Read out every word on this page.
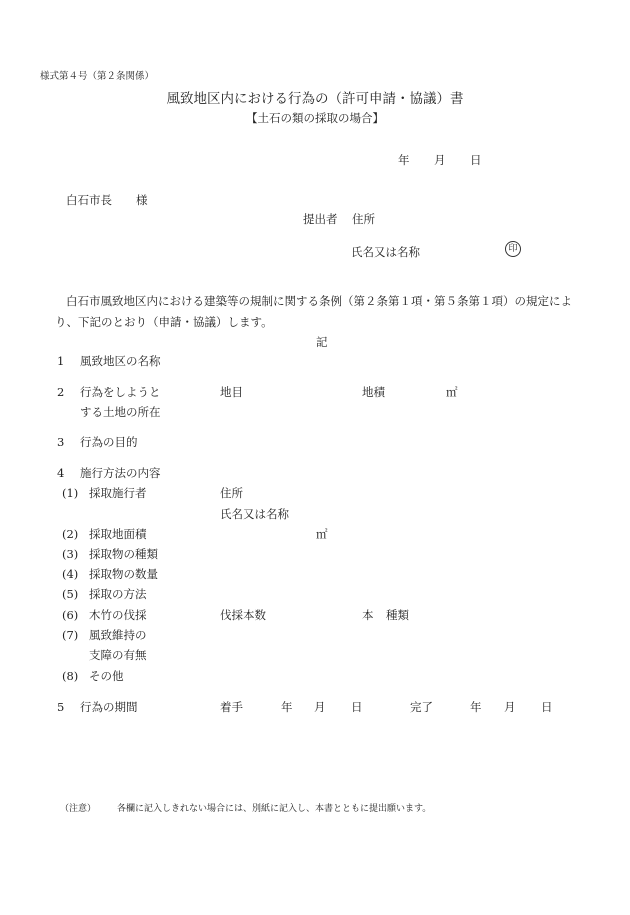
様式第４号（第２条関係）
風致地区内における行為の（許可申請・協議）書
【土石の類の採取の場合】
年 月 日
白石市長 様
提出者 住所
氏名又は名称	印
白石市風致地区内における建築等の規制に関する条例（第２条第１項・第５条第１項）の規定によ
り、下記のとおり（申請・協議）します。
記
1 風致地区の名称
2 行為をしようと
する土地の所在
地目	地積	㎡
3 行為の目的
4 施行方法の内容
(1) 採取施行者	住所
氏名又は名称
(2) 採取地面積	㎡
(3) 採取物の種類
(4) 採取物の数量
(5) 採取の方法
(6) 木竹の伐採	伐採本数	本 種類
(7) 風致維持の
支障の有無
(8) その他
5 行為の期間	着手	年 月 日	完了	年 月 日
（注意） 各欄に記入しきれない場合には、別紙に記入し、本書とともに提出願います。
